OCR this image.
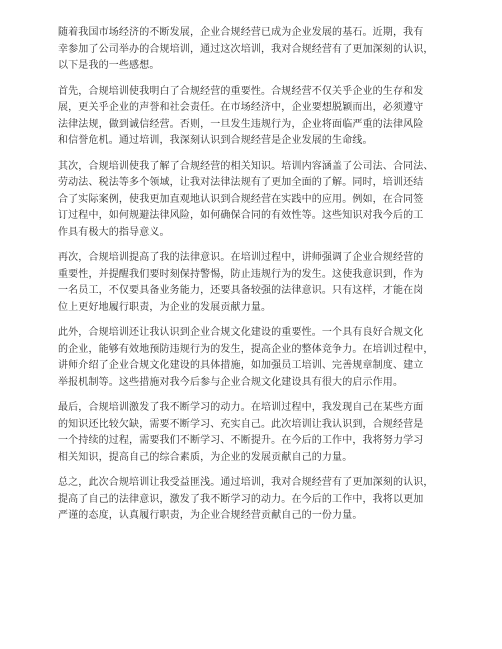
随着我国市场经济的不断发展，企业合规经营已成为企业发展的基石。近期，我有
幸参加了公司举办的合规培训，通过这次培训，我对合规经营有了更加深刻的认识，
以下是我的一些感想。

首先，合规培训使我明白了合规经营的重要性。合规经营不仅关乎企业的生存和发
展，更关乎企业的声誉和社会责任。在市场经济中，企业要想脱颖而出，必须遵守
法律法规，做到诚信经营。否则，一旦发生违规行为，企业将面临严重的法律风险
和信誉危机。通过培训，我深刻认识到合规经营是企业发展的生命线。

其次，合规培训使我了解了合规经营的相关知识。培训内容涵盖了公司法、合同法、
劳动法、税法等多个领域，让我对法律法规有了更加全面的了解。同时，培训还结
合了实际案例，使我更加直观地认识到合规经营在实践中的应用。例如，在合同签
订过程中，如何规避法律风险，如何确保合同的有效性等。这些知识对我今后的工
作具有极大的指导意义。

再次，合规培训提高了我的法律意识。在培训过程中，讲师强调了企业合规经营的
重要性，并提醒我们要时刻保持警惕，防止违规行为的发生。这使我意识到，作为
一名员工，不仅要具备业务能力，还要具备较强的法律意识。只有这样，才能在岗
位上更好地履行职责，为企业的发展贡献力量。

此外，合规培训还让我认识到企业合规文化建设的重要性。一个具有良好合规文化
的企业，能够有效地预防违规行为的发生，提高企业的整体竞争力。在培训过程中，
讲师介绍了企业合规文化建设的具体措施，如加强员工培训、完善规章制度、建立
举报机制等。这些措施对我今后参与企业合规文化建设具有很大的启示作用。

最后，合规培训激发了我不断学习的动力。在培训过程中，我发现自己在某些方面
的知识还比较欠缺，需要不断学习、充实自己。此次培训让我认识到，合规经营是
一个持续的过程，需要我们不断学习、不断提升。在今后的工作中，我将努力学习
相关知识，提高自己的综合素质，为企业的发展贡献自己的力量。

总之，此次合规培训让我受益匪浅。通过培训，我对合规经营有了更加深刻的认识，
提高了自己的法律意识，激发了我不断学习的动力。在今后的工作中，我将以更加
严谨的态度，认真履行职责，为企业合规经营贡献自己的一份力量。
